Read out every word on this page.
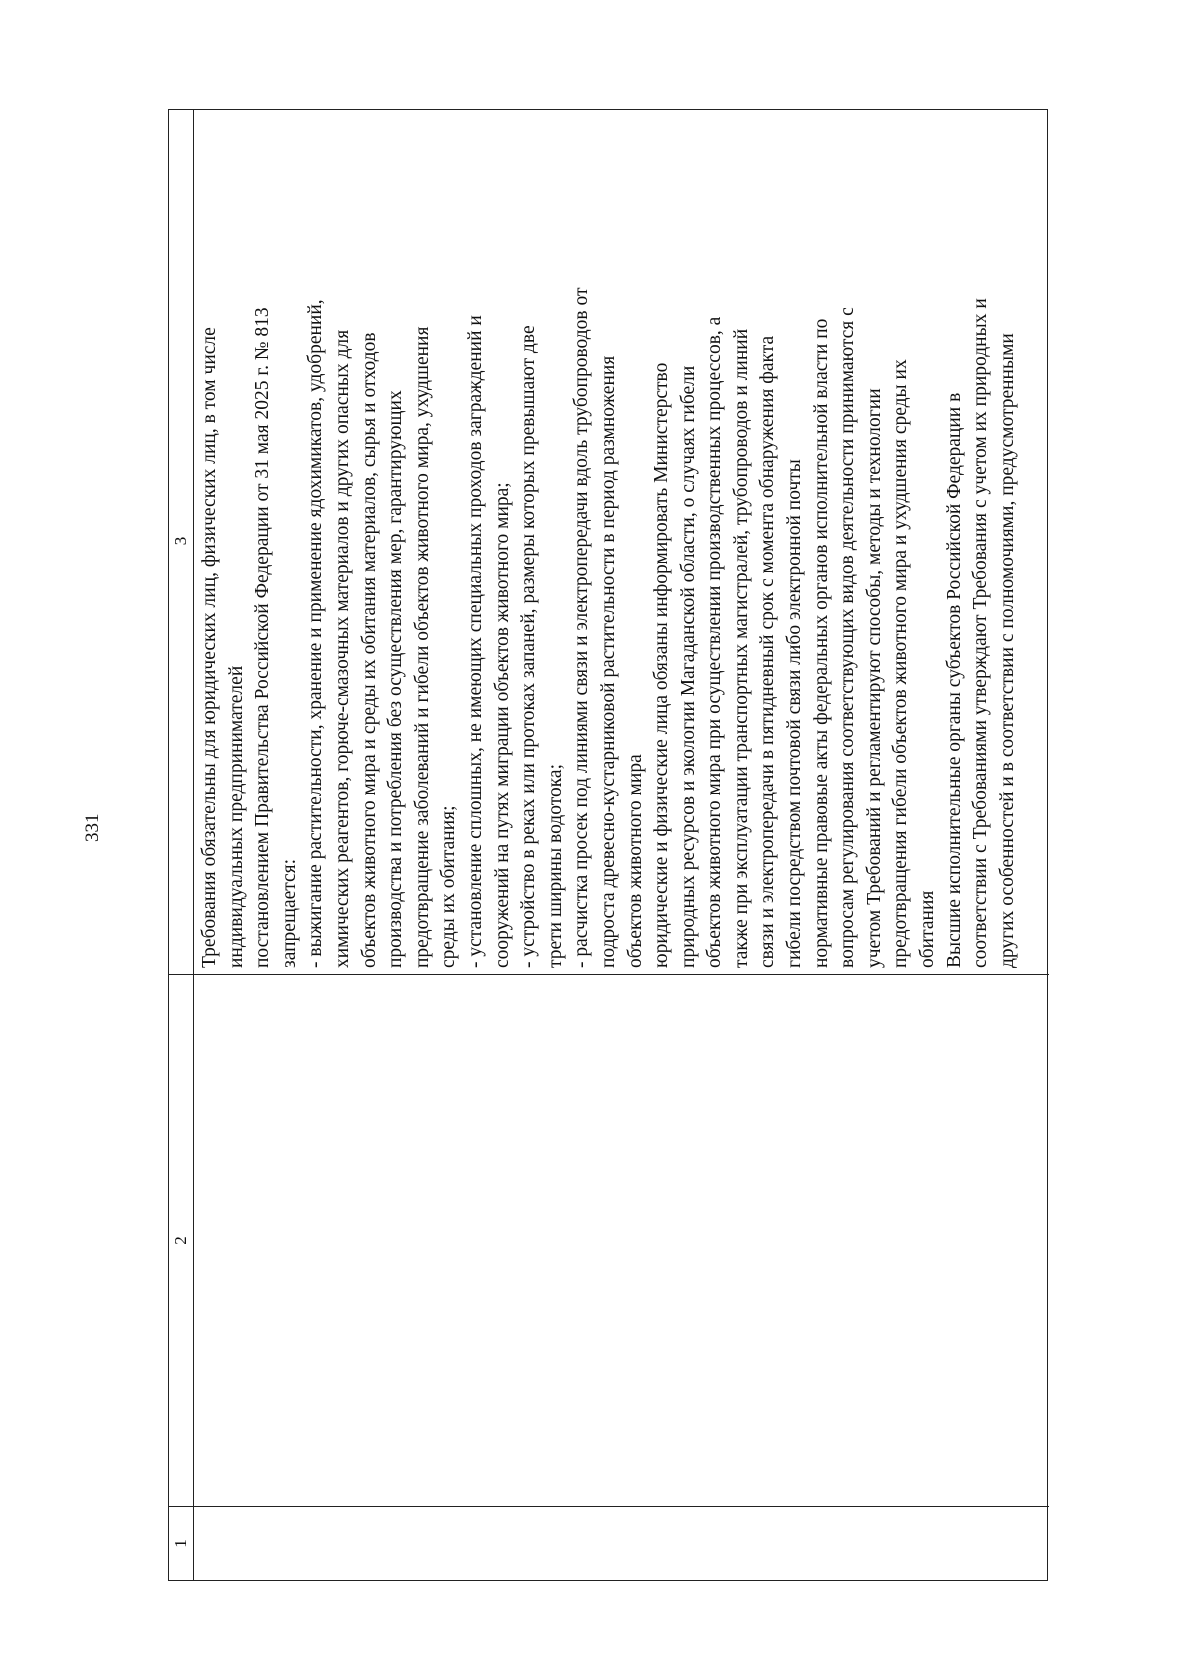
331
1
2
3 Требования обязательны для юридических лиц, физических лиц, в том числе индивидуальных предпринимателей постановлением Правительства Российской Федерации от 31 мая 2025 г. № 813 запрещается: - выжигание растительности, хранение и применение ядохимикатов, удобрений, химических реагентов, горюче-смазочных материалов и других опасных для объектов животного мира и среды их обитания материалов, сырья и отходов производства и потребления без осуществления мер, гарантирующих предотвращение заболеваний и гибели объектов животного мира, ухудшения среды их обитания; - установление сплошных, не имеющих специальных проходов заграждений и сооружений на путях миграции объектов животного мира; - устройство в реках или протоках запаней, размеры которых превышают две трети ширины водотока; - расчистка просек под линиями связи и электропередачи вдоль трубопроводов от подроста древесно-кустарниковой растительности в период размножения объектов животного мира юридические и физические лица обязаны информировать Министерство природных ресурсов и экологии Магаданской области, о случаях гибели объектов животного мира при осуществлении производственных процессов, а также при эксплуатации транспортных магистралей, трубопроводов и линий связи и электропередачи в пятидневный срок с момента обнаружения факта гибели посредством почтовой связи либо электронной почты нормативные правовые акты федеральных органов исполнительной власти по вопросам регулирования соответствующих видов деятельности принимаются с учетом Требований и регламентируют способы, методы и технологии предотвращения гибели объектов животного мира и ухудшения среды их обитания Высшие исполнительные органы субъектов Российской Федерации в соответствии с Требованиями утверждают Требования с учетом их природных и других особенностей и в соответствии с полномочиями, предусмотренными
